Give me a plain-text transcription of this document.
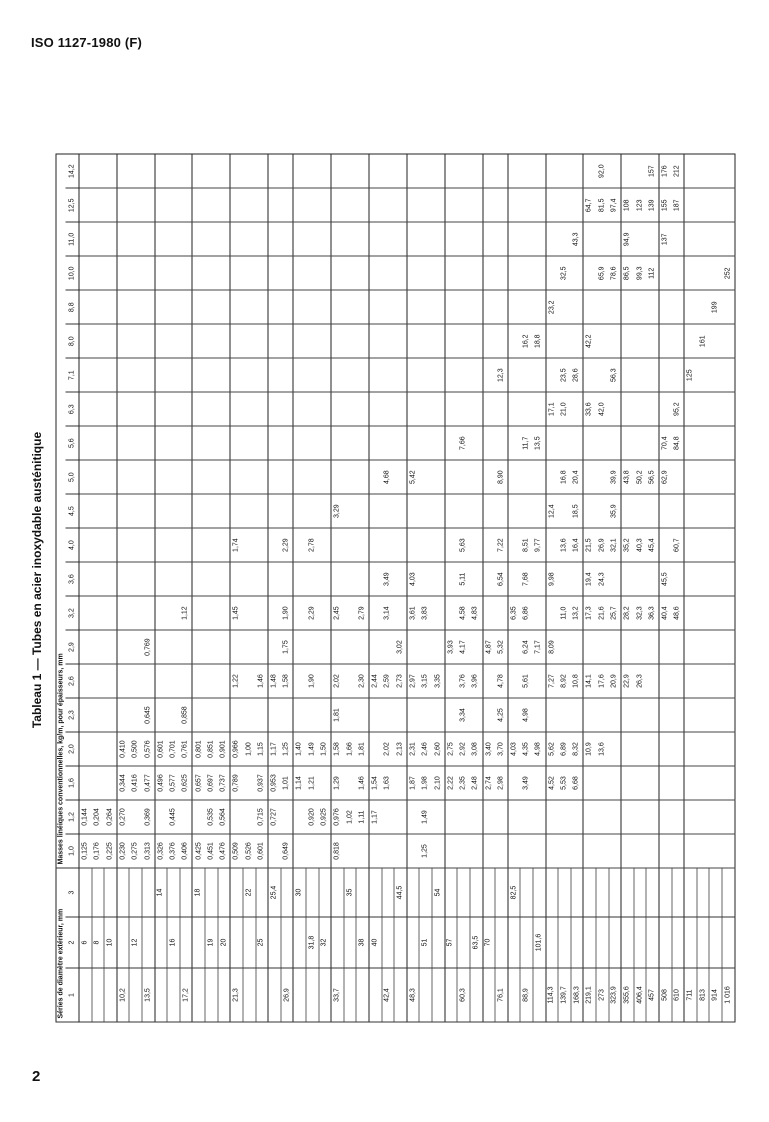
ISO 1127-1980 (F)
Tableau 1 — Tubes en acier inoxydable austénitique
Séries de diamètre extérieur, mm			Masses linéiques conventionnelles, kg/m, pour épaisseurs, mm																				
1	2	3	1,0	1,2	1,6	2,0	2,3	2,6	2,9	3,2	3,6	4,0	4,5	5,0	5,6	6,3	7,1	8,0	8,8	10,0	11,0	12,5	14,2
	6		0,125	0,144																			
	8		0,176	0,204																			
	10		0,225	0,264																			
10,2			0,230	0,270	0,344	0,410																	
	12		0,275		0,416	0,500																	
13,5			0,313	0,369	0,477	0,576	0,645		0,769														
		14	0,326		0,496	0,601																	
	16		0,376	0,445	0,577	0,701																	
17,2			0,406		0,625	0,761	0,858			1,12													
		18	0,425		0,657	0,801																	
	19		0,451	0,535	0,697	0,851																	
	20		0,476	0,564	0,737	0,901																	
21,3			0,509		0,789	0,966		1,22		1,45		1,74											
		22	0,526			1,00																	
	25		0,601	0,715	0,937	1,15		1,46															
		25,4		0,727	0,953	1,17		1,48															
26,9			0,649		1,01	1,25		1,58	1,75	1,90		2,29											
		30			1,14	1,40																	
	31,8			0,920	1,21	1,49		1,90		2,29		2,78											
	32			0,925		1,50																	
33,7			0,818	0,976	1,29	1,58	1,81	2,02		2,45			3,29										
		35		1,02		1,66																	
	38			1,11	1,46	1,81		2,30		2,79													
	40			1,17	1,54			2,44															
42,4					1,63	2,02		2,59		3,14	3,49			4,68									
		44,5				2,13		2,73	3,02														
48,3					1,87	2,31		2,97		3,61	4,03			5,42									
	51		1,25	1,49	1,98	2,46		3,15		3,83													
		54			2,10	2,60		3,35															
	57				2,22	2,75			3,93														
60,3					2,35	2,92	3,34	3,76	4,17	4,58	5,11	5,63			7,66								
	63,5				2,48	3,08		3,96		4,83													
	70				2,74	3,40			4,87														
76,1					2,98	3,70	4,25	4,78	5,32		6,54	7,22		8,90			12,3						
		82,5				4,03				6,35													
88,9					3,49	4,35	4,98	5,61	6,24	6,86	7,68	8,51			11,7			16,2					
	101,6					4,98			7,17			9,77			13,5			18,8					
114,3					4,52	5,62		7,27	8,09		9,98		12,4			17,1			23,2				
139,7					5,53	6,89		8,92		11,0		13,6		16,8		21,0	23,5			32,5			
168,3					6,68	8,32		10,8		13,2		16,4	18,5	20,4			28,6				43,3		
219,1						10,9		14,1		17,3	19,4	21,5				33,6		42,2				64,7	
273						13,6		17,6		21,6	24,3	26,9				42,0				65,9		81,5	92,0
323,9								20,9		25,7		32,1	35,9	39,9			56,3			78,6		97,4	
355,6								22,9		28,2		35,2		43,8						86,5	94,9	108	
406,4								26,3		32,3		40,3		50,2						99,3		123	
457										36,3		45,4		56,5						112		139	157
508										40,4	45,5			62,9	70,4						137	155	176
610										48,6		60,7			84,8	95,2						187	212
711																	125						
813																		161					
914																			199				
1 016																				252			
2
